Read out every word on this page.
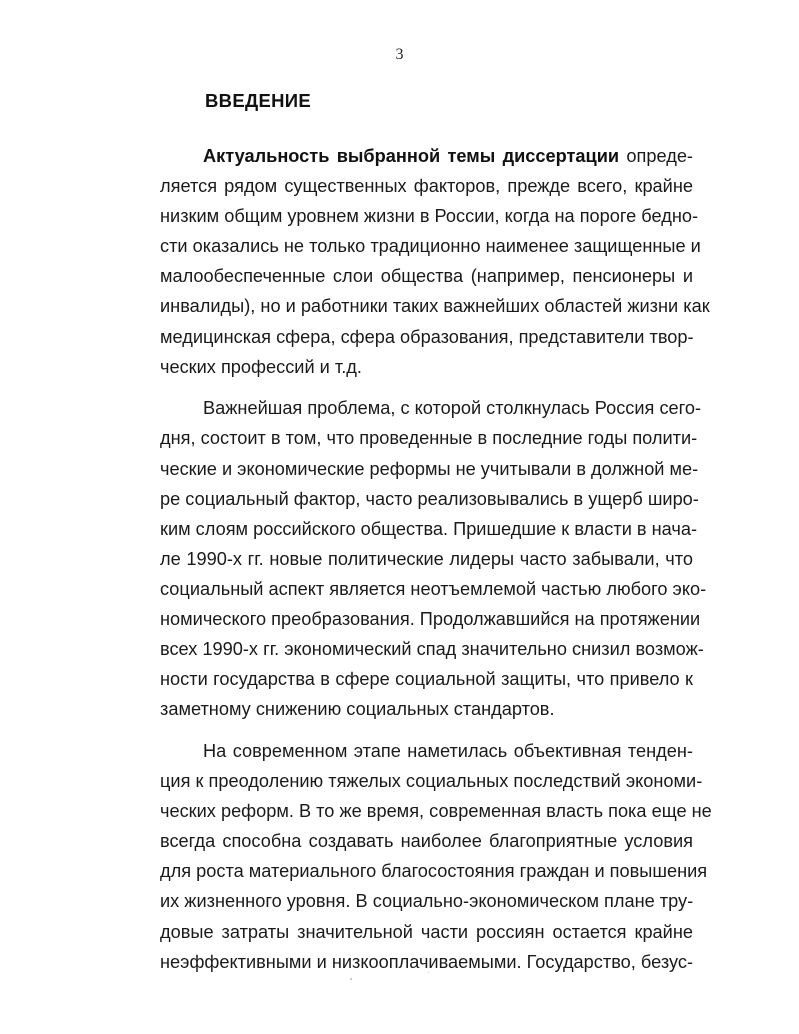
3
ВВЕДЕНИЕ
Актуальность выбранной темы диссертации опреде-
ляется рядом существенных факторов, прежде всего, крайне
низким общим уровнем жизни в России, когда на пороге бедно-
сти оказались не только традиционно наименее защищенные и
малообеспеченные слои общества (например, пенсионеры и
инвалиды), но и работники таких важнейших областей жизни как
медицинская сфера, сфера образования, представители твор-
ческих профессий и т.д.
Важнейшая проблема, с которой столкнулась Россия сего-
дня, состоит в том, что проведенные в последние годы полити-
ческие и экономические реформы не учитывали в должной ме-
ре социальный фактор, часто реализовывались в ущерб широ-
ким слоям российского общества. Пришедшие к власти в нача-
ле 1990-х гг. новые политические лидеры часто забывали, что
социальный аспект является неотъемлемой частью любого эко-
номического преобразования. Продолжавшийся на протяжении
всех 1990-х гг. экономический спад значительно снизил возмож-
ности государства в сфере социальной защиты, что привело к
заметному снижению социальных стандартов.
На современном этапе наметилась объективная тенден-
ция к преодолению тяжелых социальных последствий экономи-
ческих реформ. В то же время, современная власть пока еще не
всегда способна создавать наиболее благоприятные условия
для роста материального благосостояния граждан и повышения
их жизненного уровня. В социально-экономическом плане тру-
довые затраты значительной части россиян остается крайне
неэффективными и низкооплачиваемыми. Государство, безус-
